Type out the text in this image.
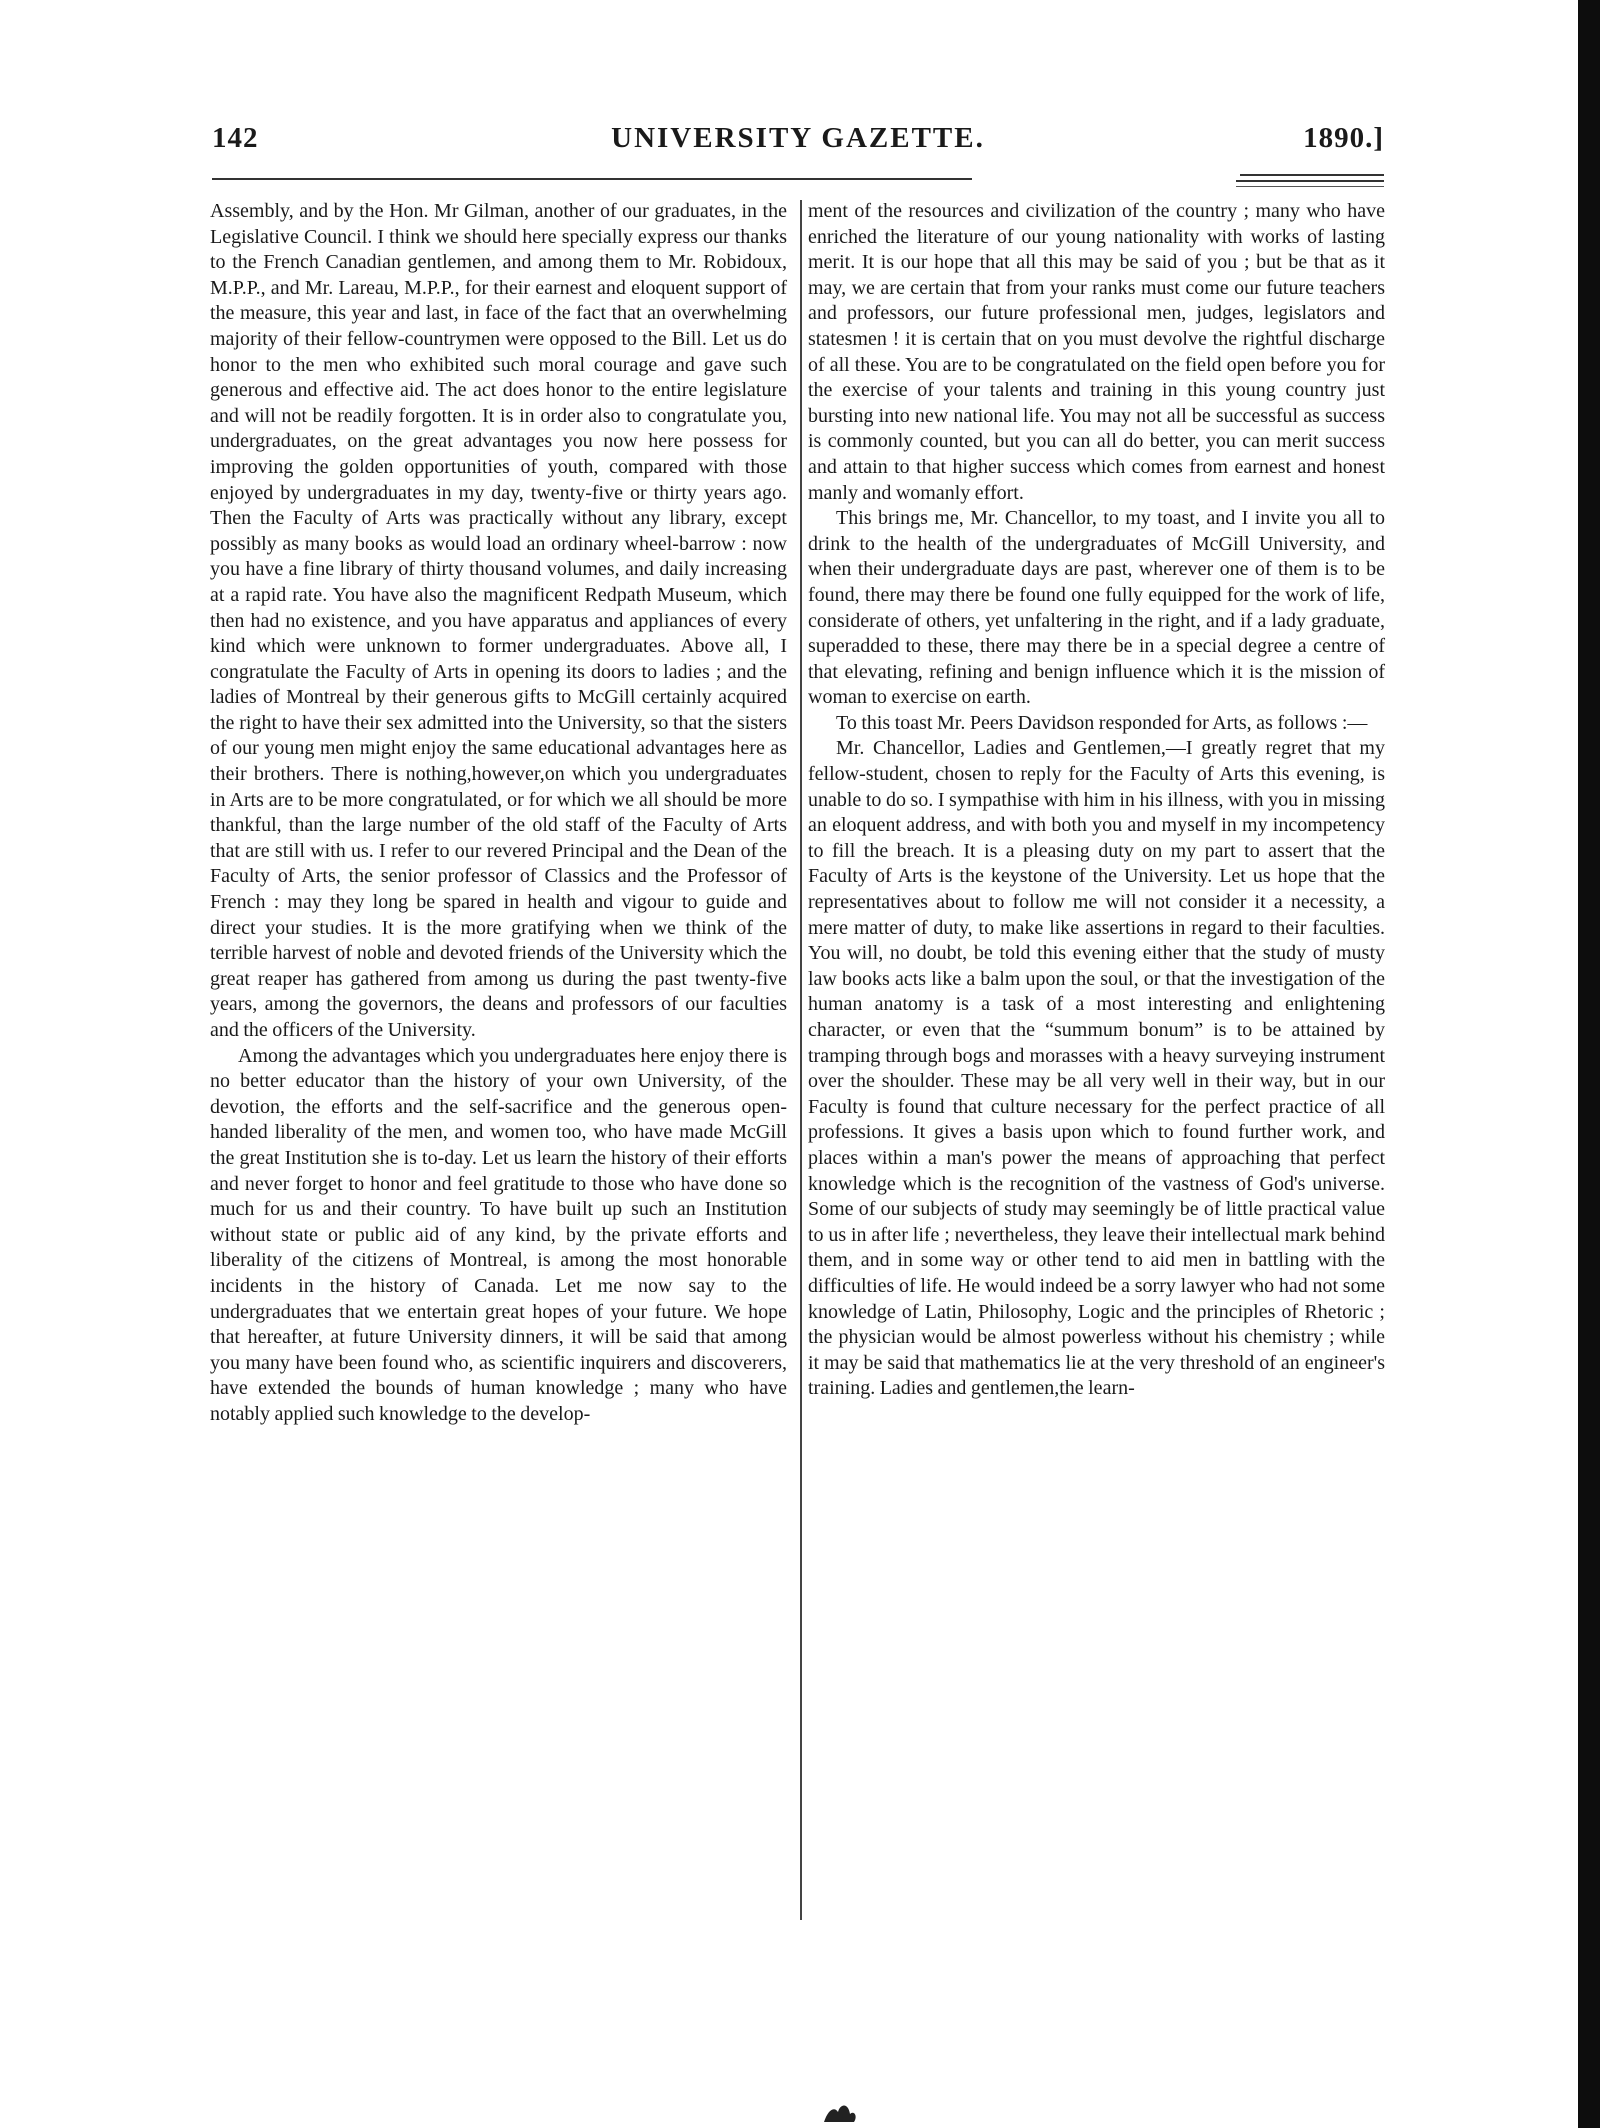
142	UNIVERSITY GAZETTE.	1890.]

Assembly, and by the Hon. Mr Gilman, another of our graduates, in the Legislative Council. I think we should here specially express our thanks to the French Canadian gentlemen, and among them to Mr. Robidoux, M.P.P., and Mr. Lareau, M.P.P., for their earnest and eloquent support of the measure, this year and last, in face of the fact that an overwhelming majority of their fellow-countrymen were opposed to the Bill. Let us do honor to the men who exhibited such moral courage and gave such generous and effective aid. The act does honor to the entire legislature and will not be readily forgotten. It is in order also to congratulate you, undergraduates, on the great advantages you now here possess for improving the golden opportunities of youth, compared with those enjoyed by undergraduates in my day, twenty-five or thirty years ago. Then the Faculty of Arts was practically without any library, except possibly as many books as would load an ordinary wheel-barrow : now you have a fine library of thirty thousand volumes, and daily increasing at a rapid rate. You have also the magnificent Redpath Museum, which then had no existence, and you have apparatus and appliances of every kind which were unknown to former undergraduates. Above all, I congratulate the Faculty of Arts in opening its doors to ladies ; and the ladies of Montreal by their generous gifts to McGill certainly acquired the right to have their sex admitted into the University, so that the sisters of our young men might enjoy the same educational advantages here as their brothers. There is nothing,however,on which you undergraduates in Arts are to be more congratulated, or for which we all should be more thankful, than the large number of the old staff of the Faculty of Arts that are still with us. I refer to our revered Principal and the Dean of the Faculty of Arts, the senior professor of Classics and the Professor of French : may they long be spared in health and vigour to guide and direct your studies. It is the more gratifying when we think of the terrible harvest of noble and devoted friends of the University which the great reaper has gathered from among us during the past twenty-five years, among the governors, the deans and professors of our faculties and the officers of the University.

Among the advantages which you undergraduates here enjoy there is no better educator than the history of your own University, of the devotion, the efforts and the self-sacrifice and the generous open-handed liberality of the men, and women too, who have made McGill the great Institution she is to-day. Let us learn the history of their efforts and never forget to honor and feel gratitude to those who have done so much for us and their country. To have built up such an Institution without state or public aid of any kind, by the private efforts and liberality of the citizens of Montreal, is among the most honorable incidents in the history of Canada. Let me now say to the undergraduates that we entertain great hopes of your future. We hope that hereafter, at future University dinners, it will be said that among you many have been found who, as scientific inquirers and discoverers, have extended the bounds of human knowledge ; many who have notably applied such knowledge to the develop-

ment of the resources and civilization of the country ; many who have enriched the literature of our young nationality with works of lasting merit. It is our hope that all this may be said of you ; but be that as it may, we are certain that from your ranks must come our future teachers and professors, our future professional men, judges, legislators and statesmen ! it is certain that on you must devolve the rightful discharge of all these. You are to be congratulated on the field open before you for the exercise of your talents and training in this young country just bursting into new national life. You may not all be successful as success is commonly counted, but you can all do better, you can merit success and attain to that higher success which comes from earnest and honest manly and womanly effort.

This brings me, Mr. Chancellor, to my toast, and I invite you all to drink to the health of the undergraduates of McGill University, and when their undergraduate days are past, wherever one of them is to be found, there may there be found one fully equipped for the work of life, considerate of others, yet unfaltering in the right, and if a lady graduate, superadded to these, there may there be in a special degree a centre of that elevating, refining and benign influence which it is the mission of woman to exercise on earth.

To this toast Mr. Peers Davidson responded for Arts, as follows :—

Mr. Chancellor, Ladies and Gentlemen,—I greatly regret that my fellow-student, chosen to reply for the Faculty of Arts this evening, is unable to do so. I sympathise with him in his illness, with you in missing an eloquent address, and with both you and myself in my incompetency to fill the breach. It is a pleasing duty on my part to assert that the Faculty of Arts is the keystone of the University. Let us hope that the representatives about to follow me will not consider it a necessity, a mere matter of duty, to make like assertions in regard to their faculties. You will, no doubt, be told this evening either that the study of musty law books acts like a balm upon the soul, or that the investigation of the human anatomy is a task of a most interesting and enlightening character, or even that the “summum bonum” is to be attained by tramping through bogs and morasses with a heavy surveying instrument over the shoulder. These may be all very well in their way, but in our Faculty is found that culture necessary for the perfect practice of all professions. It gives a basis upon which to found further work, and places within a man's power the means of approaching that perfect knowledge which is the recognition of the vastness of God's universe. Some of our subjects of study may seemingly be of little practical value to us in after life ; nevertheless, they leave their intellectual mark behind them, and in some way or other tend to aid men in battling with the difficulties of life. He would indeed be a sorry lawyer who had not some knowledge of Latin, Philosophy, Logic and the principles of Rhetoric ; the physician would be almost powerless without his chemistry ; while it may be said that mathematics lie at the very threshold of an engineer's training. Ladies and gentlemen,the learn-
